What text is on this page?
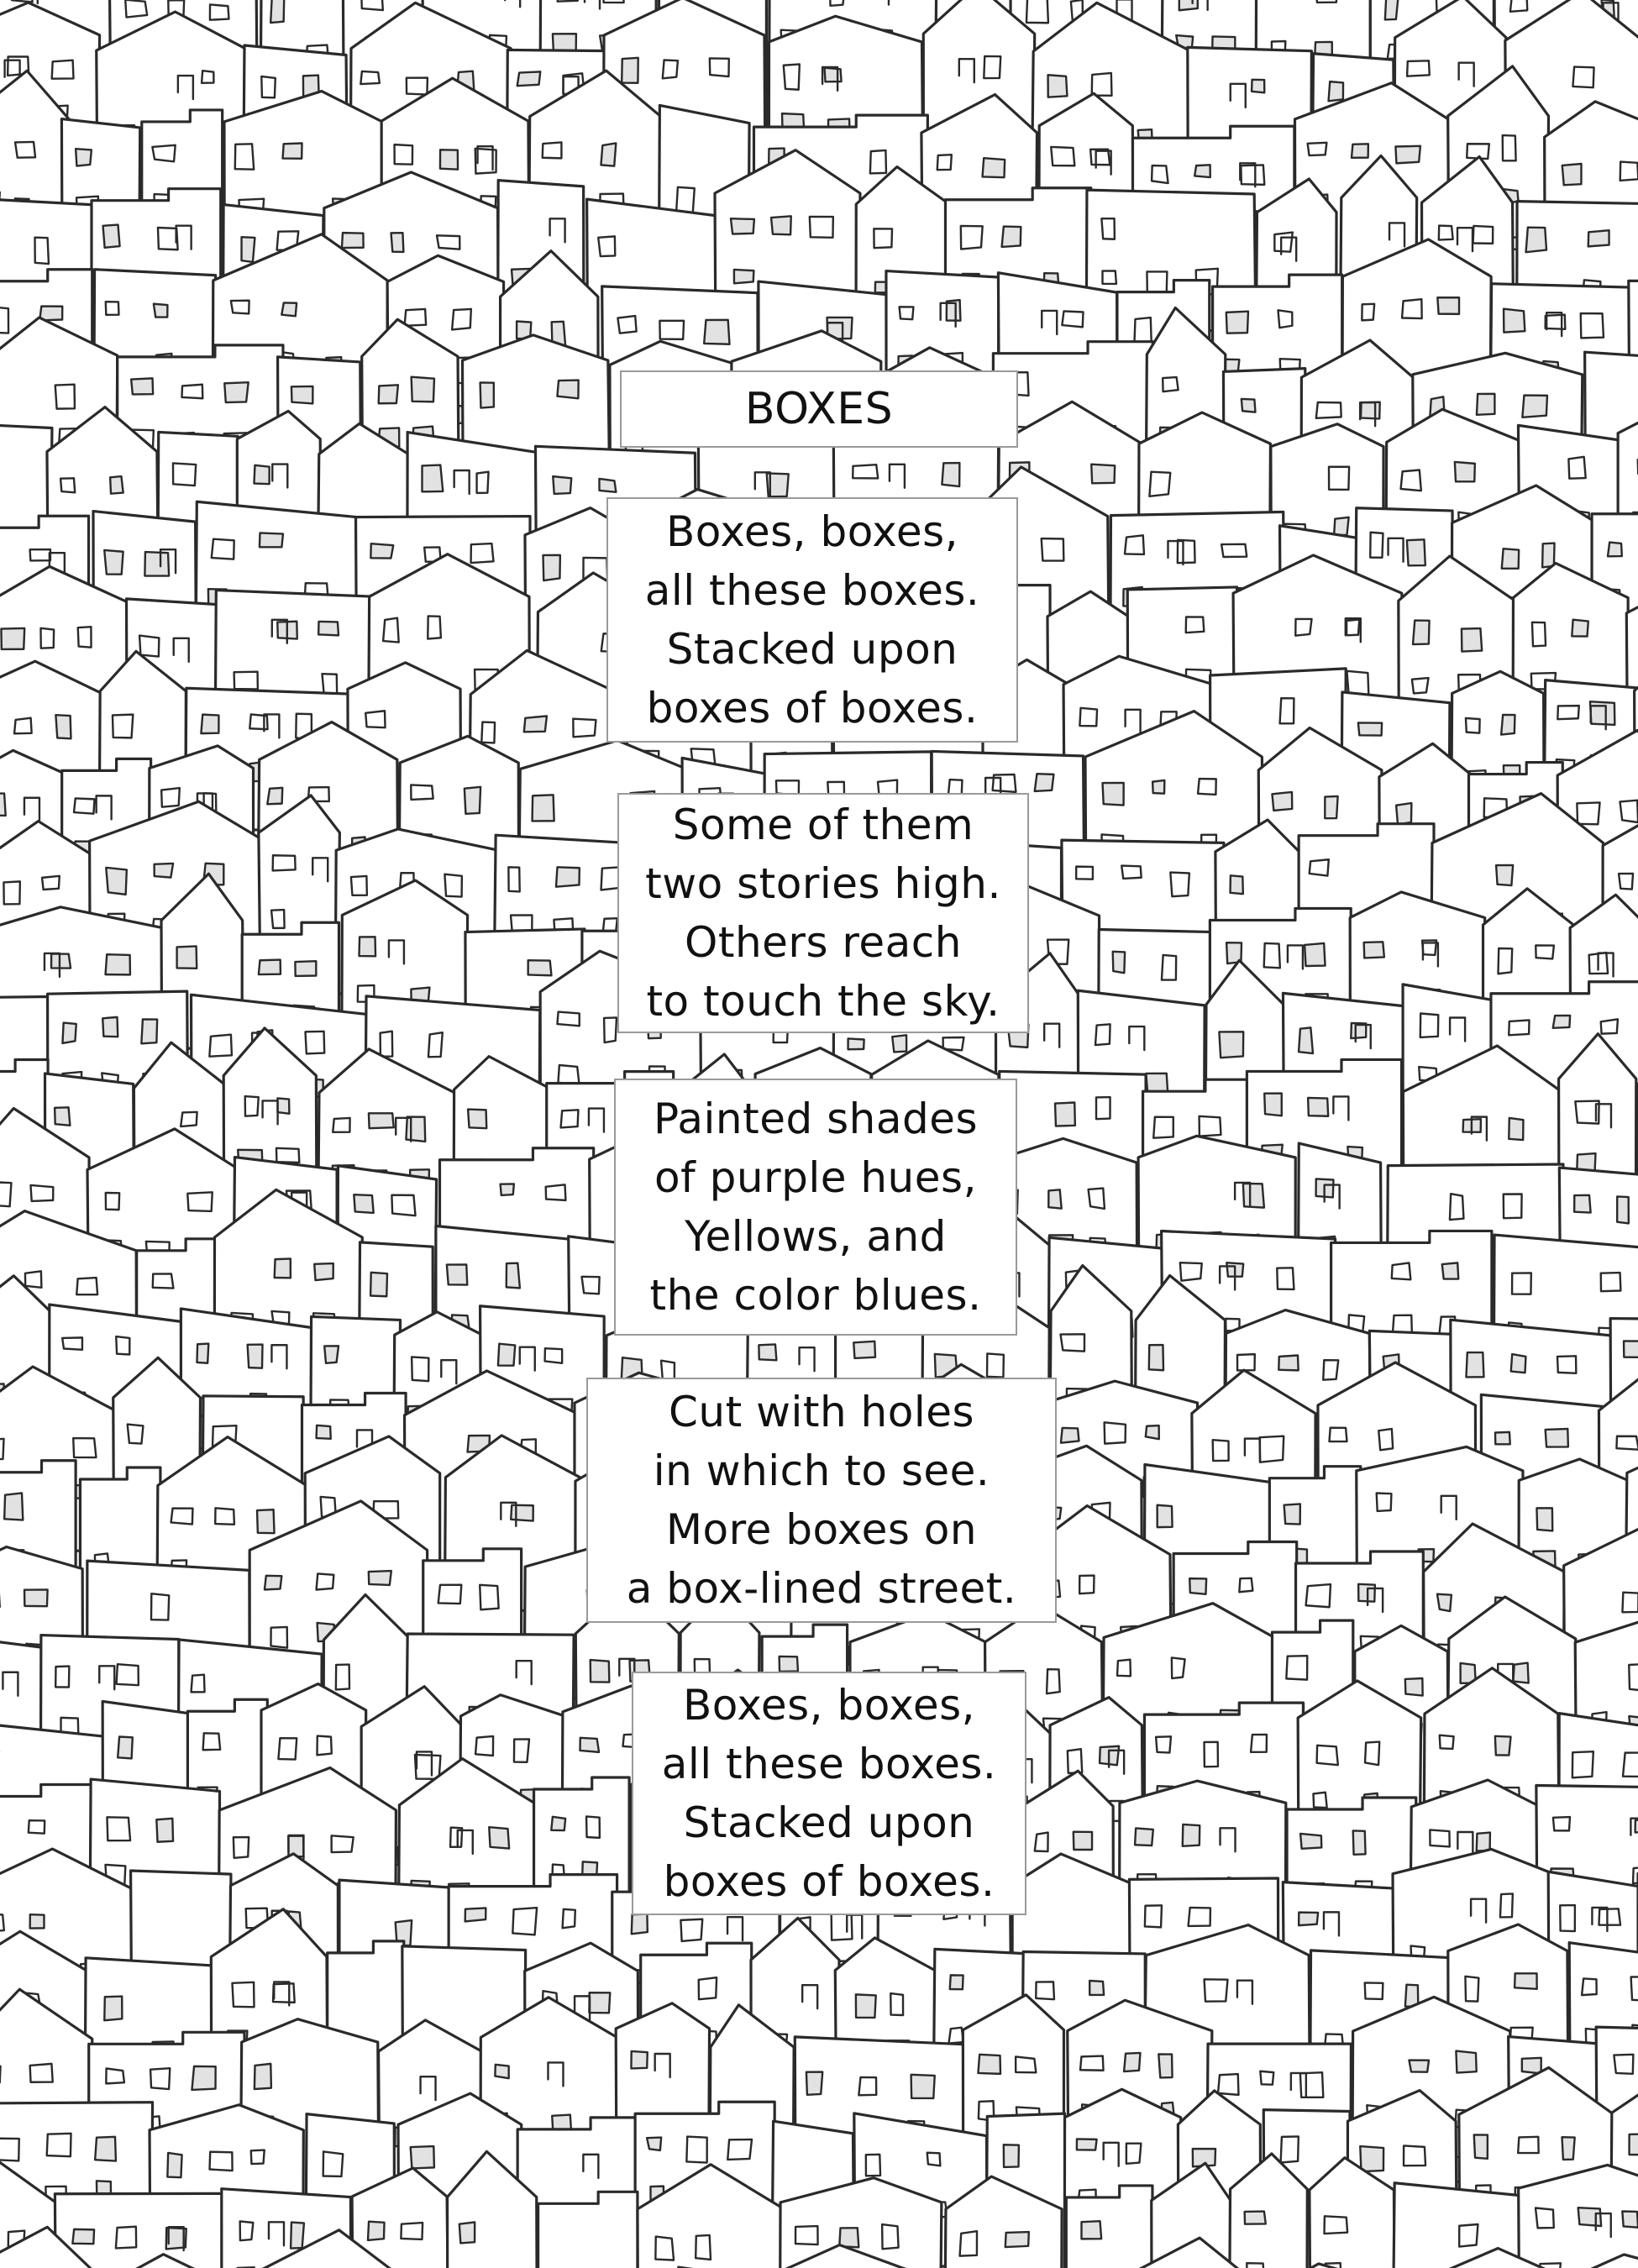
BOXES
Boxes, boxes,
all these boxes.
Stacked upon
boxes of boxes.
Some of them
two stories high.
Others reach
to touch the sky.
Painted shades
of purple hues,
Yellows, and
the color blues.
Cut with holes
in which to see.
More boxes on
a box-lined street.
Boxes, boxes,
all these boxes.
Stacked upon
boxes of boxes.
